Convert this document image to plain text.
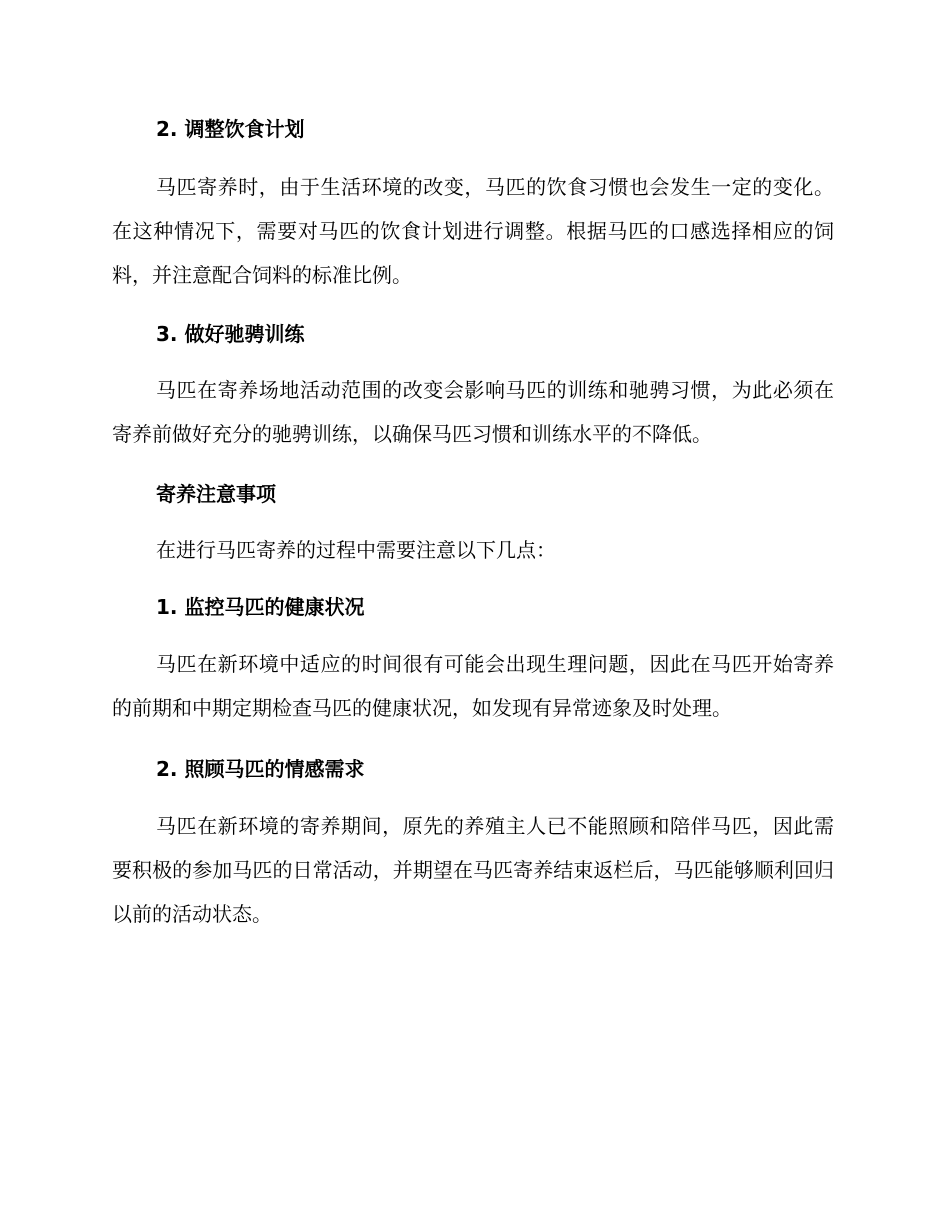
2. 调整饮食计划

马匹寄养时，由于生活环境的改变，马匹的饮食习惯也会发生一定的变化。在这种情况下，需要对马匹的饮食计划进行调整。根据马匹的口感选择相应的饲料，并注意配合饲料的标准比例。

3. 做好驰骋训练

马匹在寄养场地活动范围的改变会影响马匹的训练和驰骋习惯，为此必须在寄养前做好充分的驰骋训练，以确保马匹习惯和训练水平的不降低。

寄养注意事项

在进行马匹寄养的过程中需要注意以下几点：

1. 监控马匹的健康状况

马匹在新环境中适应的时间很有可能会出现生理问题，因此在马匹开始寄养的前期和中期定期检查马匹的健康状况，如发现有异常迹象及时处理。

2. 照顾马匹的情感需求

马匹在新环境的寄养期间，原先的养殖主人已不能照顾和陪伴马匹，因此需要积极的参加马匹的日常活动，并期望在马匹寄养结束返栏后，马匹能够顺利回归以前的活动状态。
